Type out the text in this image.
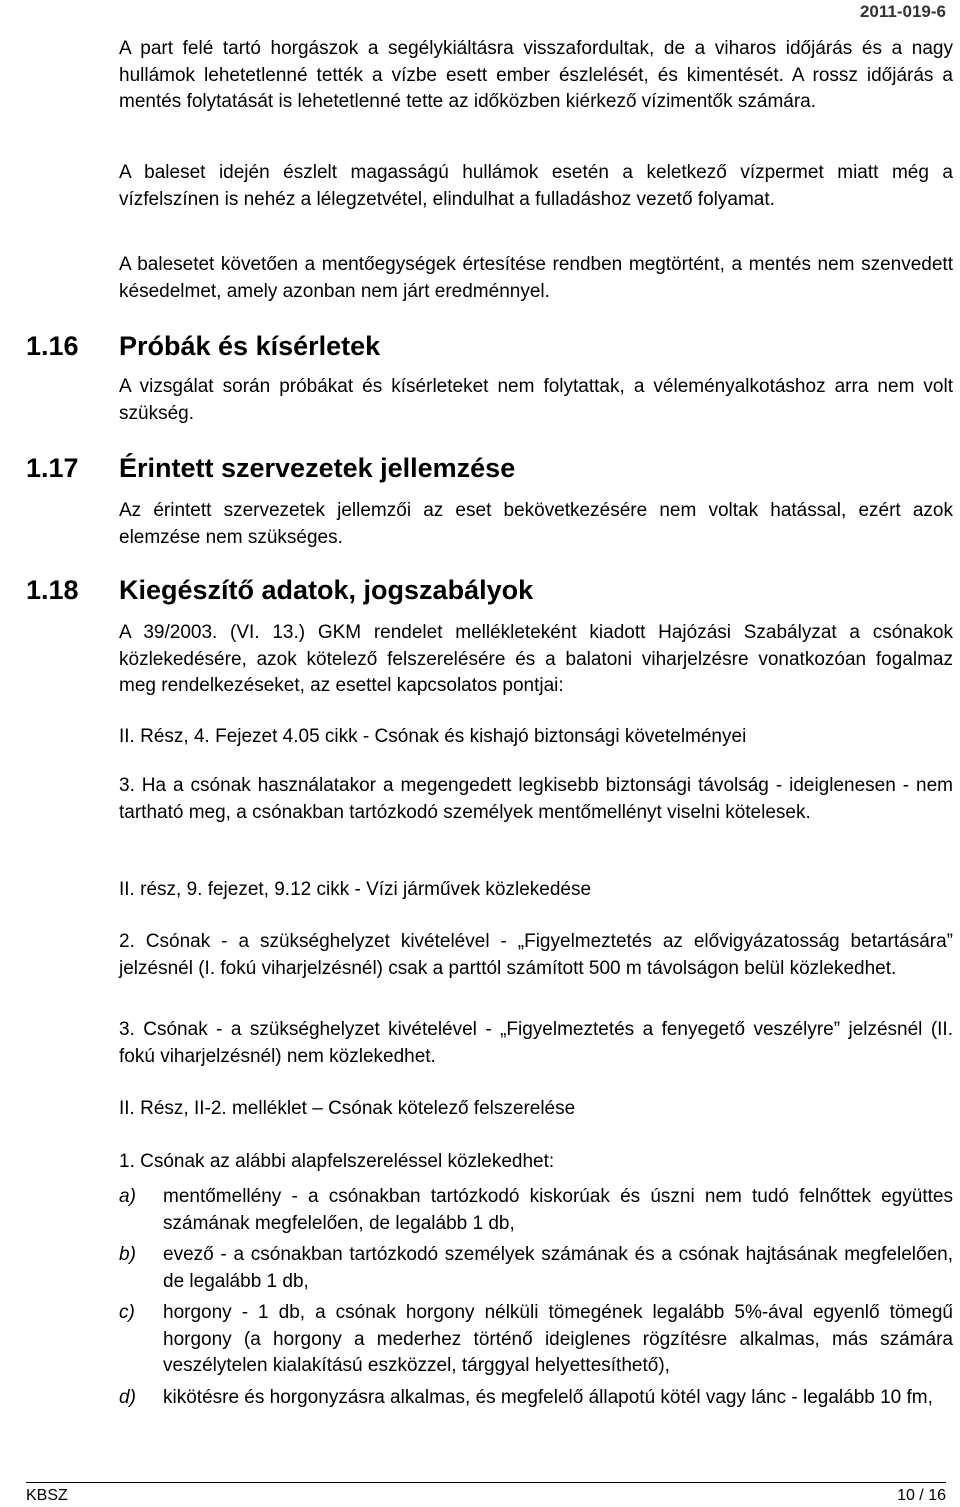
2011-019-6

A part felé tartó horgászok a segélykiáltásra visszafordultak, de a viharos időjárás és a nagy hullámok lehetetlenné tették a vízbe esett ember észlelését, és kimentését. A rossz időjárás a mentés folytatását is lehetetlenné tette az időközben kiérkező vízimentők számára.

A baleset idején észlelt magasságú hullámok esetén a keletkező vízpermet miatt még a vízfelszínen is nehéz a lélegzetvétel, elindulhat a fulladáshoz vezető folyamat.

A balesetet követően a mentőegységek értesítése rendben megtörtént, a mentés nem szenvedett késedelmet, amely azonban nem járt eredménnyel.

1.16 Próbák és kísérletek

A vizsgálat során próbákat és kísérleteket nem folytattak, a véleményalkotáshoz arra nem volt szükség.

1.17 Érintett szervezetek jellemzése

Az érintett szervezetek jellemzői az eset bekövetkezésére nem voltak hatással, ezért azok elemzése nem szükséges.

1.18 Kiegészítő adatok, jogszabályok

A 39/2003. (VI. 13.) GKM rendelet mellékleteként kiadott Hajózási Szabályzat a csónakok közlekedésére, azok kötelező felszerelésére és a balatoni viharjelzésre vonatkozóan fogalmaz meg rendelkezéseket, az esettel kapcsolatos pontjai:

II. Rész, 4. Fejezet 4.05 cikk - Csónak és kishajó biztonsági követelményei

3. Ha a csónak használatakor a megengedett legkisebb biztonsági távolság - ideiglenesen - nem tartható meg, a csónakban tartózkodó személyek mentőmellényt viselni kötelesek.

II. rész, 9. fejezet, 9.12 cikk - Vízi járművek közlekedése

2. Csónak - a szükséghelyzet kivételével - „Figyelmeztetés az elővigyázatosság betartására” jelzésnél (I. fokú viharjelzésnél) csak a parttól számított 500 m távolságon belül közlekedhet.

3. Csónak - a szükséghelyzet kivételével - „Figyelmeztetés a fenyegető veszélyre” jelzésnél (II. fokú viharjelzésnél) nem közlekedhet.

II. Rész, II-2. melléklet – Csónak kötelező felszerelése

1. Csónak az alábbi alapfelszereléssel közlekedhet:

a) mentőmellény - a csónakban tartózkodó kiskorúak és úszni nem tudó felnőttek együttes számának megfelelően, de legalább 1 db,
b) evező - a csónakban tartózkodó személyek számának és a csónak hajtásának megfelelően, de legalább 1 db,
c) horgony - 1 db, a csónak horgony nélküli tömegének legalább 5%-ával egyenlő tömegű horgony (a horgony a mederhez történő ideiglenes rögzítésre alkalmas, más számára veszélytelen kialakítású eszközzel, tárggyal helyettesíthető),
d) kikötésre és horgonyzásra alkalmas, és megfelelő állapotú kötél vagy lánc - legalább 10 fm,
KBSZ	10 / 16
